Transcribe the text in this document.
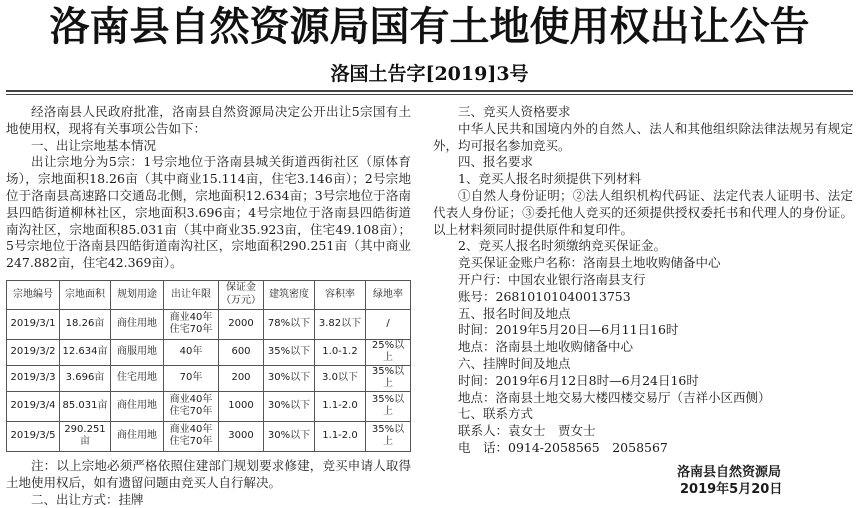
洛南县自然资源局国有土地使用权出让公告
洛国土告字[2019]3号

经洛南县人民政府批准，洛南县自然资源局决定公开出让5宗国有土地使用权，现将有关事项公告如下：

一、出让宗地基本情况

出让宗地分为5宗：1号宗地位于洛南县城关街道西街社区（原体育场），宗地面积18.26亩（其中商业15.114亩，住宅3.146亩）；2号宗地位于洛南县高速路口交通岛北侧，宗地面积12.634亩；3号宗地位于洛南县四皓街道柳林社区，宗地面积3.696亩；4号宗地位于洛南县四皓街道南沟社区，宗地面积85.031亩（其中商业35.923亩，住宅49.108亩）；5号宗地位于洛南县四皓街道南沟社区，宗地面积290.251亩（其中商业247.882亩，住宅42.369亩）。

宗地编号	宗地面积	规划用途	出让年限	保证金（万元）	建筑密度	容积率	绿地率
2019/3/1	18.26亩	商住用地	商业40年住宅70年	2000	78%以下	3.82以下	/
2019/3/2	12.634亩	商服用地	40年	600	35%以下	1.0-1.2	25%以上
2019/3/3	3.696亩	住宅用地	70年	200	30%以下	3.0以下	35%以上
2019/3/4	85.031亩	商住用地	商业40年住宅70年	1000	30%以下	1.1-2.0	35%以上
2019/3/5	290.251亩	商住用地	商业40年住宅70年	3000	30%以下	1.1-2.0	35%以上

注：以上宗地必须严格依照住建部门规划要求修建，竞买申请人取得土地使用权后，如有遗留问题由竞买人自行解决。

二、出让方式：挂牌

三、竞买人资格要求

中华人民共和国境内外的自然人、法人和其他组织除法律法规另有规定外，均可报名参加竞买。

四、报名要求

1、竞买人报名时须提供下列材料

①自然人身份证明；②法人组织机构代码证、法定代表人证明书、法定代表人身份证；③委托他人竞买的还须提供授权委托书和代理人的身份证。以上材料须同时提供原件和复印件。

2、竞买人报名时须缴纳竞买保证金。

竞买保证金账户名称：洛南县土地收购储备中心

开户行：中国农业银行洛南县支行

账号：26810101040013753

五、报名时间及地点

时间：2019年5月20日—6月11日16时

地点：洛南县土地收购储备中心

六、挂牌时间及地点

时间：2019年6月12日8时—6月24日16时

地点：洛南县土地交易大楼四楼交易厅（吉祥小区西侧）

七、联系方式

联系人：袁女士　贾女士

电　话：0914-2058565　2058567

洛南县自然资源局
2019年5月20日
